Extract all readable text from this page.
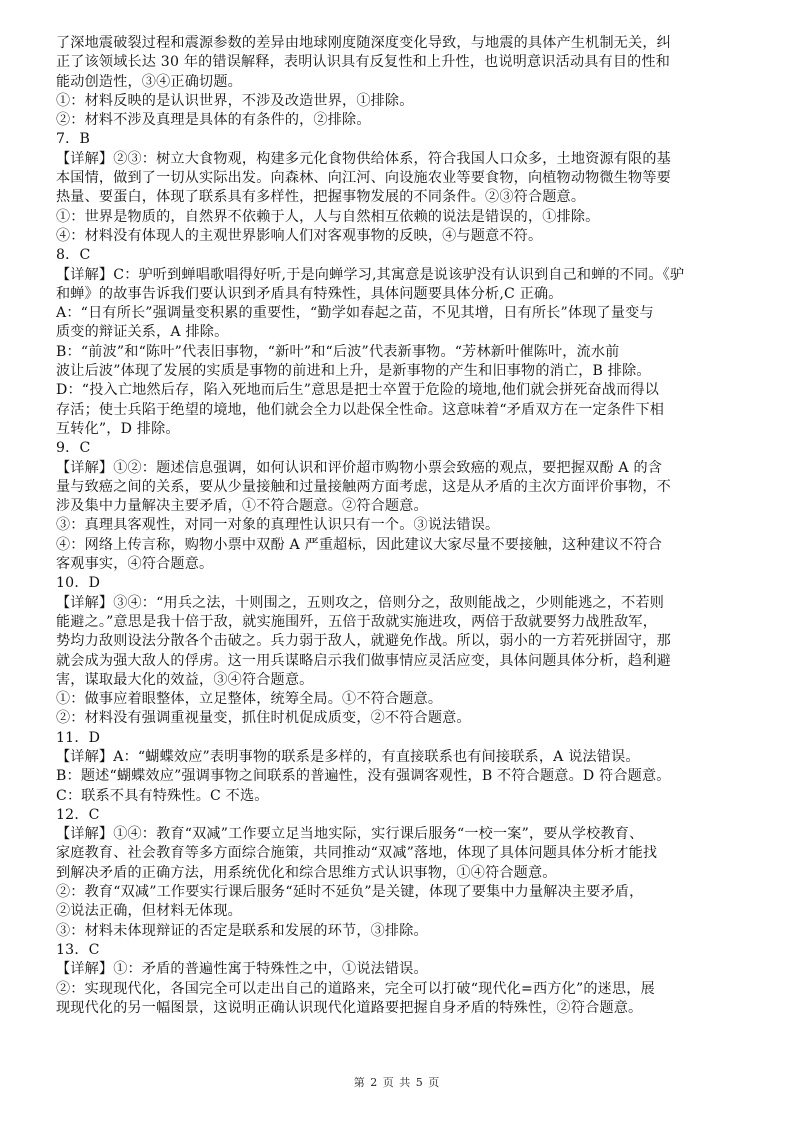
了深地震破裂过程和震源参数的差异由地球刚度随深度变化导致，与地震的具体产生机制无关，纠
正了该领域长达 30 年的错误解释，表明认识具有反复性和上升性，也说明意识活动具有目的性和
能动创造性，③④正确切题。
①：材料反映的是认识世界，不涉及改造世界，①排除。
②：材料不涉及真理是具体的有条件的，②排除。
7．B
【详解】②③：树立大食物观，构建多元化食物供给体系，符合我国人口众多，土地资源有限的基
本国情，做到了一切从实际出发。向森林、向江河、向设施农业等要食物，向植物动物微生物等要
热量、要蛋白，体现了联系具有多样性，把握事物发展的不同条件。②③符合题意。
①：世界是物质的，自然界不依赖于人，人与自然相互依赖的说法是错误的，①排除。
④：材料没有体现人的主观世界影响人们对客观事物的反映，④与题意不符。
8．C
【详解】C：驴听到蝉唱歌唱得好听,于是向蝉学习,其寓意是说该驴没有认识到自己和蝉的不同。《驴
和蝉》的故事告诉我们要认识到矛盾具有特殊性，具体问题要具体分析,C 正确。
A：“日有所长”强调量变积累的重要性，“勤学如春起之苗，不见其增，日有所长”体现了量变与
质变的辩证关系，A 排除。
B：“前波”和“陈叶”代表旧事物，“新叶”和“后波”代表新事物。“芳林新叶催陈叶，流水前
波让后波”体现了发展的实质是事物的前进和上升，是新事物的产生和旧事物的消亡，B 排除。
D：“投入亡地然后存，陷入死地而后生”意思是把士卒置于危险的境地,他们就会拼死奋战而得以
存活；使士兵陷于绝望的境地，他们就会全力以赴保全性命。这意味着“矛盾双方在一定条件下相
互转化”，D 排除。
9．C
【详解】①②：题述信息强调，如何认识和评价超市购物小票会致癌的观点，要把握双酚 A 的含
量与致癌之间的关系，要从少量接触和过量接触两方面考虑，这是从矛盾的主次方面评价事物，不
涉及集中力量解决主要矛盾，①不符合题意。②符合题意。
③：真理具客观性，对同一对象的真理性认识只有一个。③说法错误。
④：网络上传言称，购物小票中双酚 A 严重超标，因此建议大家尽量不要接触，这种建议不符合
客观事实，④符合题意。
10．D
【详解】③④：“用兵之法，十则围之，五则攻之，倍则分之，敌则能战之，少则能逃之，不若则
能避之。”意思是我十倍于敌，就实施围歼，五倍于敌就实施进攻，两倍于敌就要努力战胜敌军，
势均力敌则设法分散各个击破之。兵力弱于敌人，就避免作战。所以，弱小的一方若死拼固守，那
就会成为强大敌人的俘虏。这一用兵谋略启示我们做事情应灵活应变，具体问题具体分析，趋利避
害，谋取最大化的效益，③④符合题意。
①：做事应着眼整体，立足整体，统筹全局。①不符合题意。
②：材料没有强调重视量变，抓住时机促成质变，②不符合题意。
11．D
【详解】A：“蝴蝶效应”表明事物的联系是多样的，有直接联系也有间接联系，A 说法错误。
B：题述“蝴蝶效应”强调事物之间联系的普遍性，没有强调客观性，B 不符合题意。D 符合题意。
C：联系不具有特殊性。C 不选。
12．C
【详解】①④：教育“双减”工作要立足当地实际，实行课后服务“一校一案”，要从学校教育、
家庭教育、社会教育等多方面综合施策，共同推动“双减”落地，体现了具体问题具体分析才能找
到解决矛盾的正确方法，用系统优化和综合思维方式认识事物，①④符合题意。
②：教育“双减”工作要实行课后服务“延时不延负”是关键，体现了要集中力量解决主要矛盾，
②说法正确，但材料无体现。
③：材料未体现辩证的否定是联系和发展的环节，③排除。
13．C
【详解】①：矛盾的普遍性寓于特殊性之中，①说法错误。
②：实现现代化，各国完全可以走出自己的道路来，完全可以打破“现代化=西方化”的迷思，展
现现代化的另一幅图景，这说明正确认识现代化道路要把握自身矛盾的特殊性，②符合题意。
第 2 页 共 5 页
